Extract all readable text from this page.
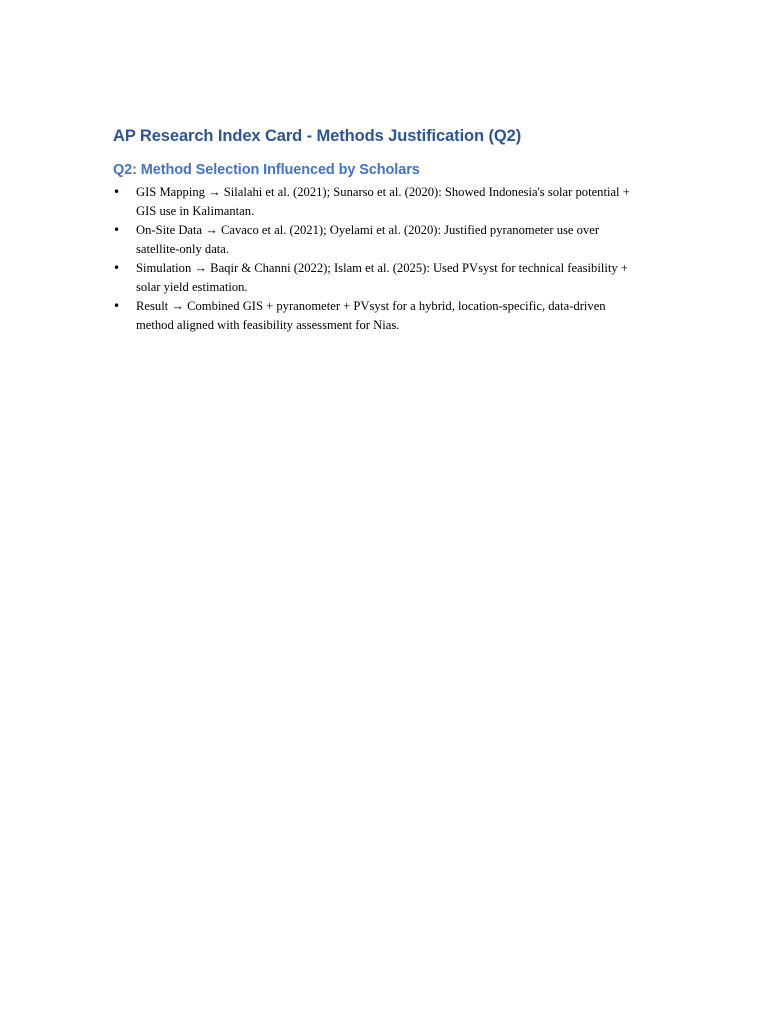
AP Research Index Card - Methods Justification (Q2)
Q2: Method Selection Influenced by Scholars
• GIS Mapping → Silalahi et al. (2021); Sunarso et al. (2020): Showed Indonesia's solar potential + GIS use in Kalimantan.
• On-Site Data → Cavaco et al. (2021); Oyelami et al. (2020): Justified pyranometer use over satellite-only data.
• Simulation → Baqir & Channi (2022); Islam et al. (2025): Used PVsyst for technical feasibility + solar yield estimation.
• Result → Combined GIS + pyranometer + PVsyst for a hybrid, location-specific, data-driven method aligned with feasibility assessment for Nias.
